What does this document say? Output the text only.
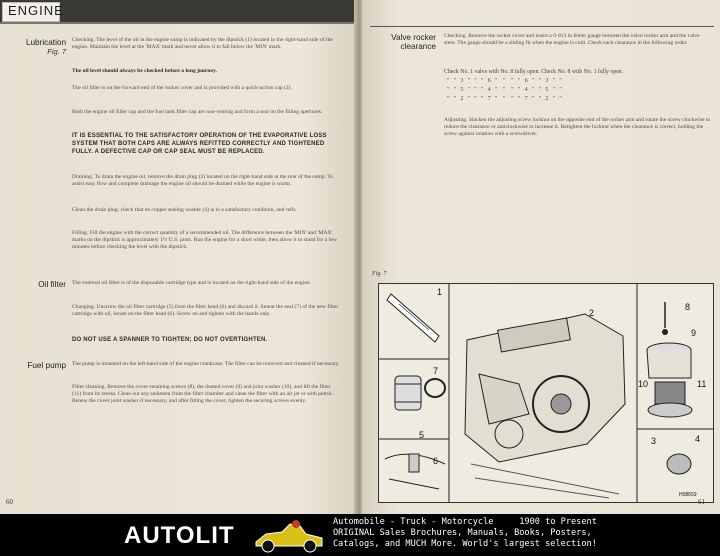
ENGINE
Lubrication
Fig. 7
Checking. The level of the oil in the engine sump is indicated by the dipstick (1) located in the right-hand side of the engine. Maintain the level at the 'MAX' mark and never allow it to fall below the 'MIN' mark.
The oil level should always be checked before a long journey.
The oil filler is on the forward end of the rocker cover and is provided with a quick-action cap (2).
Both the engine oil filler cap and the fuel tank filler cap are non-venting and form a seal on the filling apertures.
IT IS ESSENTIAL TO THE SATISFACTORY OPERATION OF THE EVAPORATIVE LOSS SYSTEM THAT BOTH CAPS ARE ALWAYS REFITTED CORRECTLY AND TIGHTENED FULLY. A DEFECTIVE CAP OR CAP SEAL MUST BE REPLACED.
Draining. To drain the engine oil, remove the drain plug (3) located on the right-hand side at the rear of the sump. To assist easy flow and complete drainage the engine oil should be drained while the engine is warm.
Clean the drain plug; check that its copper sealing washer (4) is in a satisfactory condition, and refit.
Filling. Fill the engine with the correct quantity of a recommended oil. The difference between the 'MIN' and 'MAX' marks on the dipstick is approximately 1½ U.S. pints. Run the engine for a short while, then allow it to stand for a few minutes before checking the level with the dipstick.
Oil filter The external oil filter is of the disposable cartridge type and is located on the right-hand side of the engine.
Changing. Unscrew the oil filter cartridge (5) from the filter head (6) and discard it. Smear the seal (7) of the new filter cartridge with oil, locate on the filter head (6). Screw on and tighten with the hands only.
DO NOT USE A SPANNER TO TIGHTEN; DO NOT OVERTIGHTEN.
Fuel pump The pump is mounted on the left-hand side of the engine crankcase. The filter can be removed and cleaned if necessary.
Filter cleaning. Remove the cover-retaining screws (8), the domed cover (9) and joint washer (10), and lift the filter (11) from its recess. Clean out any sediment from the filter chamber and clean the filter with an air jet or with petrol. Renew the cover joint washer if necessary, and after fitting the cover, tighten the securing screws evenly.
60
Valve rocker
clearance
Checking. Remove the rocker cover and insert a 0·013 in feeler gauge between the valve rocker arm and the valve stem. The gauge should be a sliding fit when the engine is cold. Check each clearance in the following order.
Check No. 1 valve with No. 8 fully open. Check No. 8 with No. 1 fully open.
"   "   3   "   "   "   6   "    "    "   "   6   "   "   3   "   "
"   "   5   "   "   "   4   "    "    "   "   4   "   "   5   "   "
"   "   2   "   "   "   7   "    "    "   "   7   "   "   2   "   "
Adjusting. Slacken the adjusting screw locknut on the opposite end of the rocker arm and rotate the screw clockwise to reduce the clearance or anticlockwise to increase it. Retighten the locknut when the clearance is correct, holding the screw against rotation with a screwdriver.
Fig. 7
1
2
3	4
5
6
7
8
9
10	11
H08659
61
AUTOLIT	Automobile - Truck - Motorcycle     1900 to Present
ORIGINAL Sales Brochures, Manuals, Books, Posters,
Catalogs, and MUCH More. World's largest selection!
